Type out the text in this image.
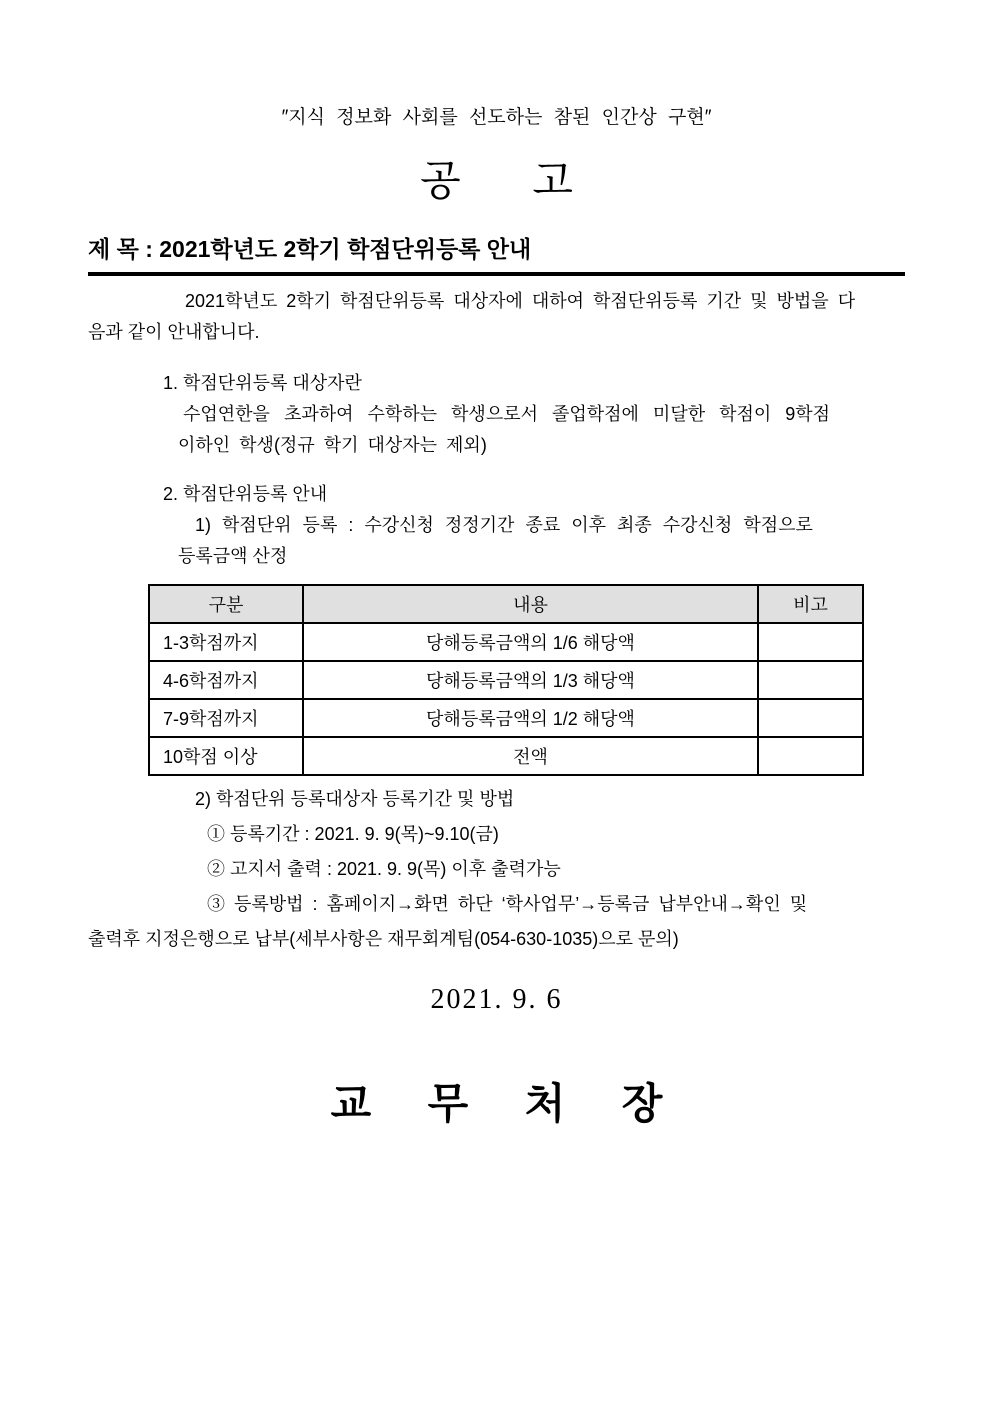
″지식 정보화 사회를 선도하는 참된 인간상 구현″
공 고
제 목 : 2021학년도 2학기 학점단위등록 안내
2021학년도 2학기 학점단위등록 대상자에 대하여 학점단위등록 기간 및 방법을 다
음과 같이 안내합니다.
1. 학점단위등록 대상자란
수업연한을 초과하여 수학하는 학생으로서 졸업학점에 미달한 학점이 9학점
이하인 학생(정규 학기 대상자는 제외)
2. 학점단위등록 안내
1) 학점단위 등록 : 수강신청 정정기간 종료 이후 최종 수강신청 학점으로
등록금액 산정
구분	내용	비고
1-3학점까지	당해등록금액의 1/6 해당액	
4-6학점까지	당해등록금액의 1/3 해당액	
7-9학점까지	당해등록금액의 1/2 해당액	
10학점 이상	전액	
2) 학점단위 등록대상자 등록기간 및 방법
① 등록기간 : 2021. 9. 9(목)~9.10(금)
② 고지서 출력 : 2021. 9. 9(목) 이후 출력가능
③ 등록방법 : 홈페이지→화면 하단 ‘학사업무’→등록금 납부안내→확인 및
출력후 지정은행으로 납부(세부사항은 재무회계팀(054-630-1035)으로 문의)
2021. 9. 6
교 무 처 장
